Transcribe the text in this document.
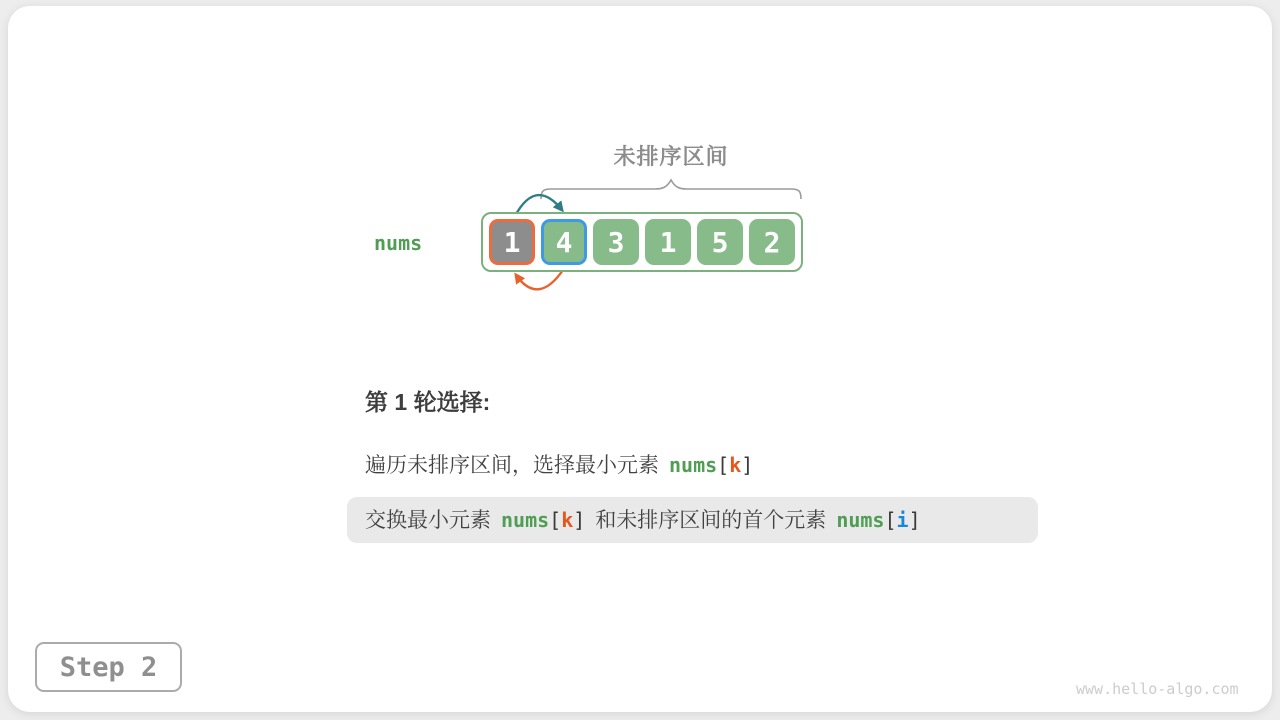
未排序区间
nums	1	4	3	1	5	2
第 1 轮选择:
遍历未排序区间，选择最小元素 nums[k]
交换最小元素 nums[k] 和未排序区间的首个元素 nums[i]
Step 2
www.hello-algo.com
